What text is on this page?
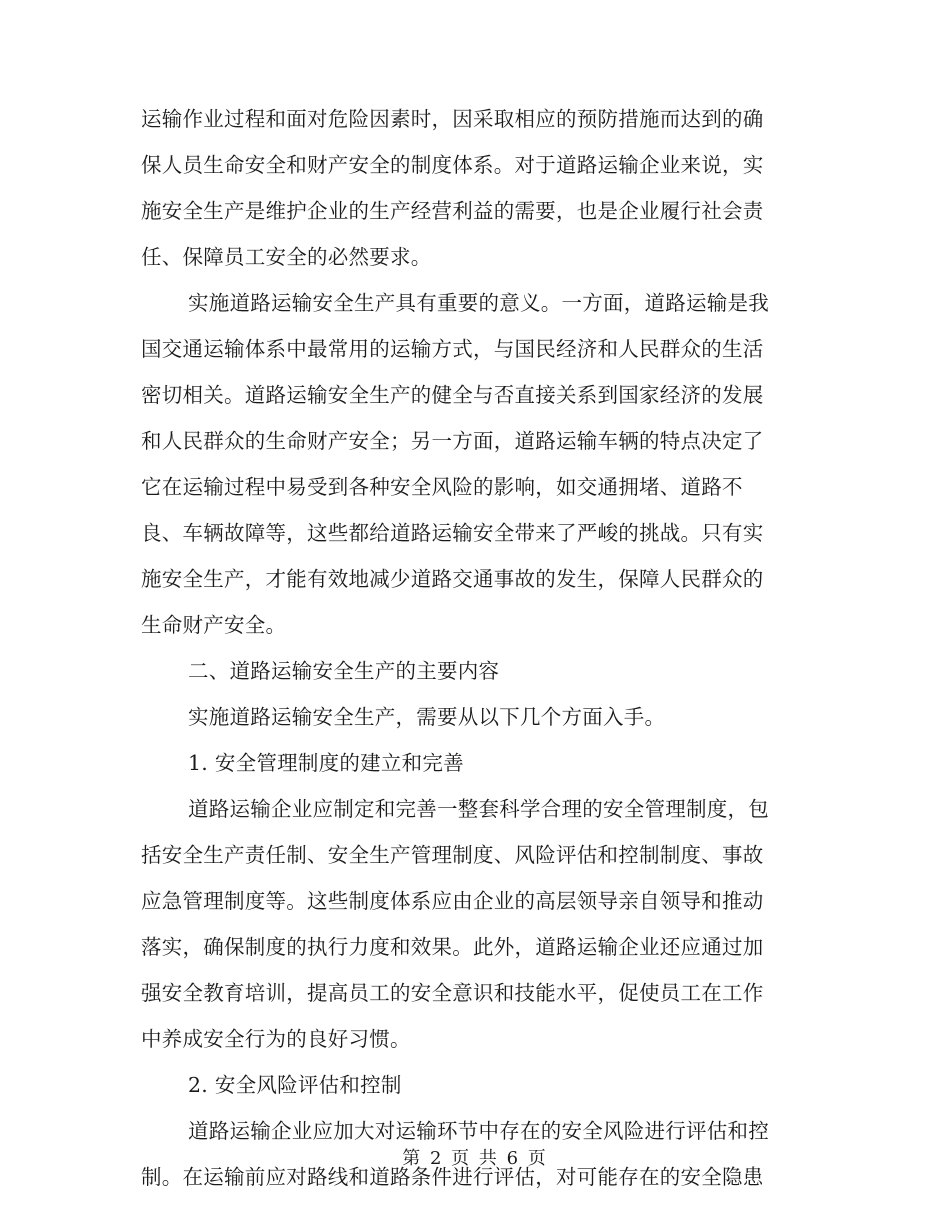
运输作业过程和面对危险因素时，因采取相应的预防措施而达到的确
保人员生命安全和财产安全的制度体系。对于道路运输企业来说，实
施安全生产是维护企业的生产经营利益的需要，也是企业履行社会责
任、保障员工安全的必然要求。
实施道路运输安全生产具有重要的意义。一方面，道路运输是我
国交通运输体系中最常用的运输方式，与国民经济和人民群众的生活
密切相关。道路运输安全生产的健全与否直接关系到国家经济的发展
和人民群众的生命财产安全；另一方面，道路运输车辆的特点决定了
它在运输过程中易受到各种安全风险的影响，如交通拥堵、道路不
良、车辆故障等，这些都给道路运输安全带来了严峻的挑战。只有实
施安全生产，才能有效地减少道路交通事故的发生，保障人民群众的
生命财产安全。
二、道路运输安全生产的主要内容
实施道路运输安全生产，需要从以下几个方面入手。
1. 安全管理制度的建立和完善
道路运输企业应制定和完善一整套科学合理的安全管理制度，包
括安全生产责任制、安全生产管理制度、风险评估和控制制度、事故
应急管理制度等。这些制度体系应由企业的高层领导亲自领导和推动
落实，确保制度的执行力度和效果。此外，道路运输企业还应通过加
强安全教育培训，提高员工的安全意识和技能水平，促使员工在工作
中养成安全行为的良好习惯。
2. 安全风险评估和控制
道路运输企业应加大对运输环节中存在的安全风险进行评估和控
制。在运输前应对路线和道路条件进行评估，对可能存在的安全隐患
第 2 页 共 6 页
